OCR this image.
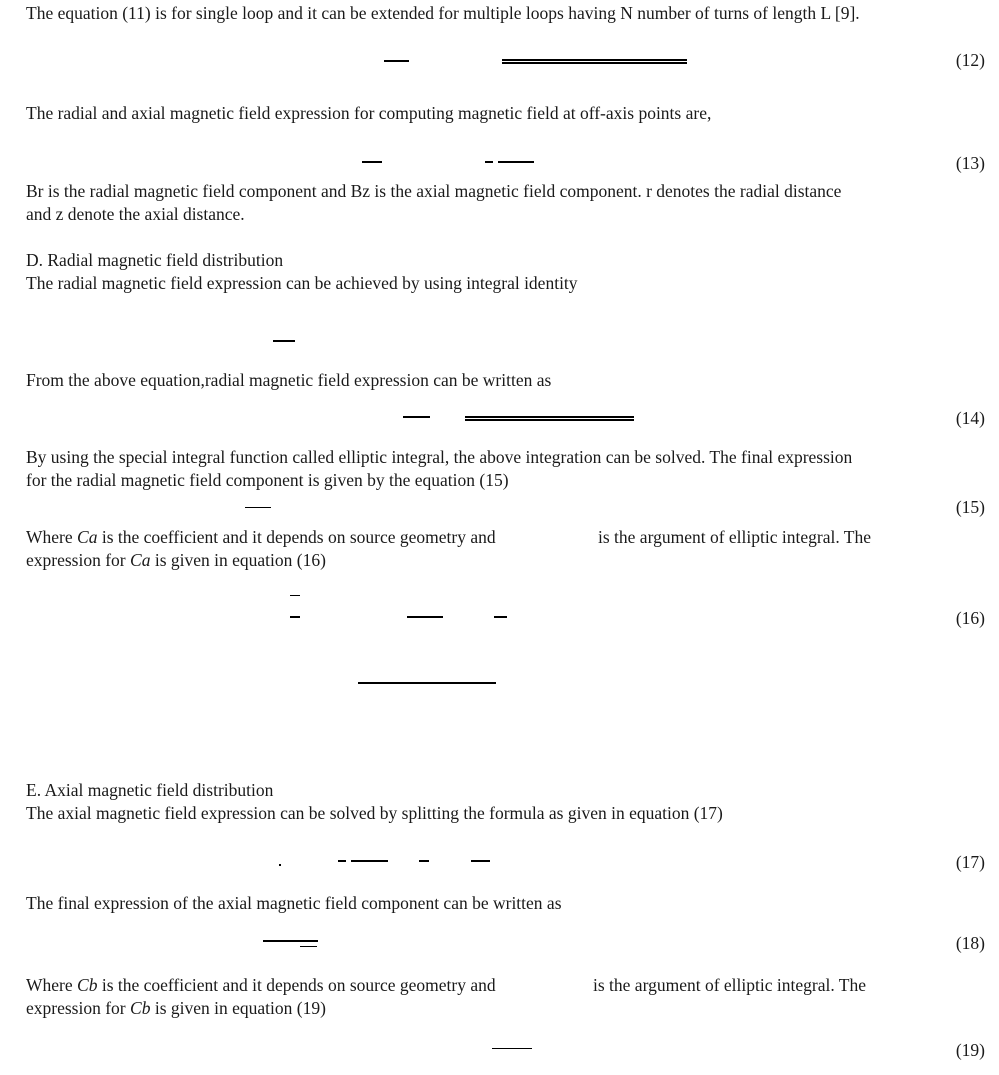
The equation (11) is for single loop and it can be extended for multiple loops having N number of turns of length L [9].
(12)
The radial and axial magnetic field expression for computing magnetic field at off-axis points are,
(13)
Br is the radial magnetic field component and Bz is the axial magnetic field component. r denotes the radial distance
and z denote the axial distance.
D. Radial magnetic field distribution
The radial magnetic field expression can be achieved by using integral identity
From the above equation,radial magnetic field expression can be written as
(14)
By using the special integral function called elliptic integral, the above integration can be solved. The final expression
for the radial magnetic field component is given by the equation (15)
(15)
Where Ca is the coefficient and it depends on source geometry and	is the argument of elliptic integral. The
expression for Ca is given in equation (16)
(16)
E. Axial magnetic field distribution
The axial magnetic field expression can be solved by splitting the formula as given in equation (17)
(17)
The final expression of the axial magnetic field component can be written as
(18)
Where Cb is the coefficient and it depends on source geometry and	is the argument of elliptic integral. The
expression for Cb is given in equation (19)
(19)
